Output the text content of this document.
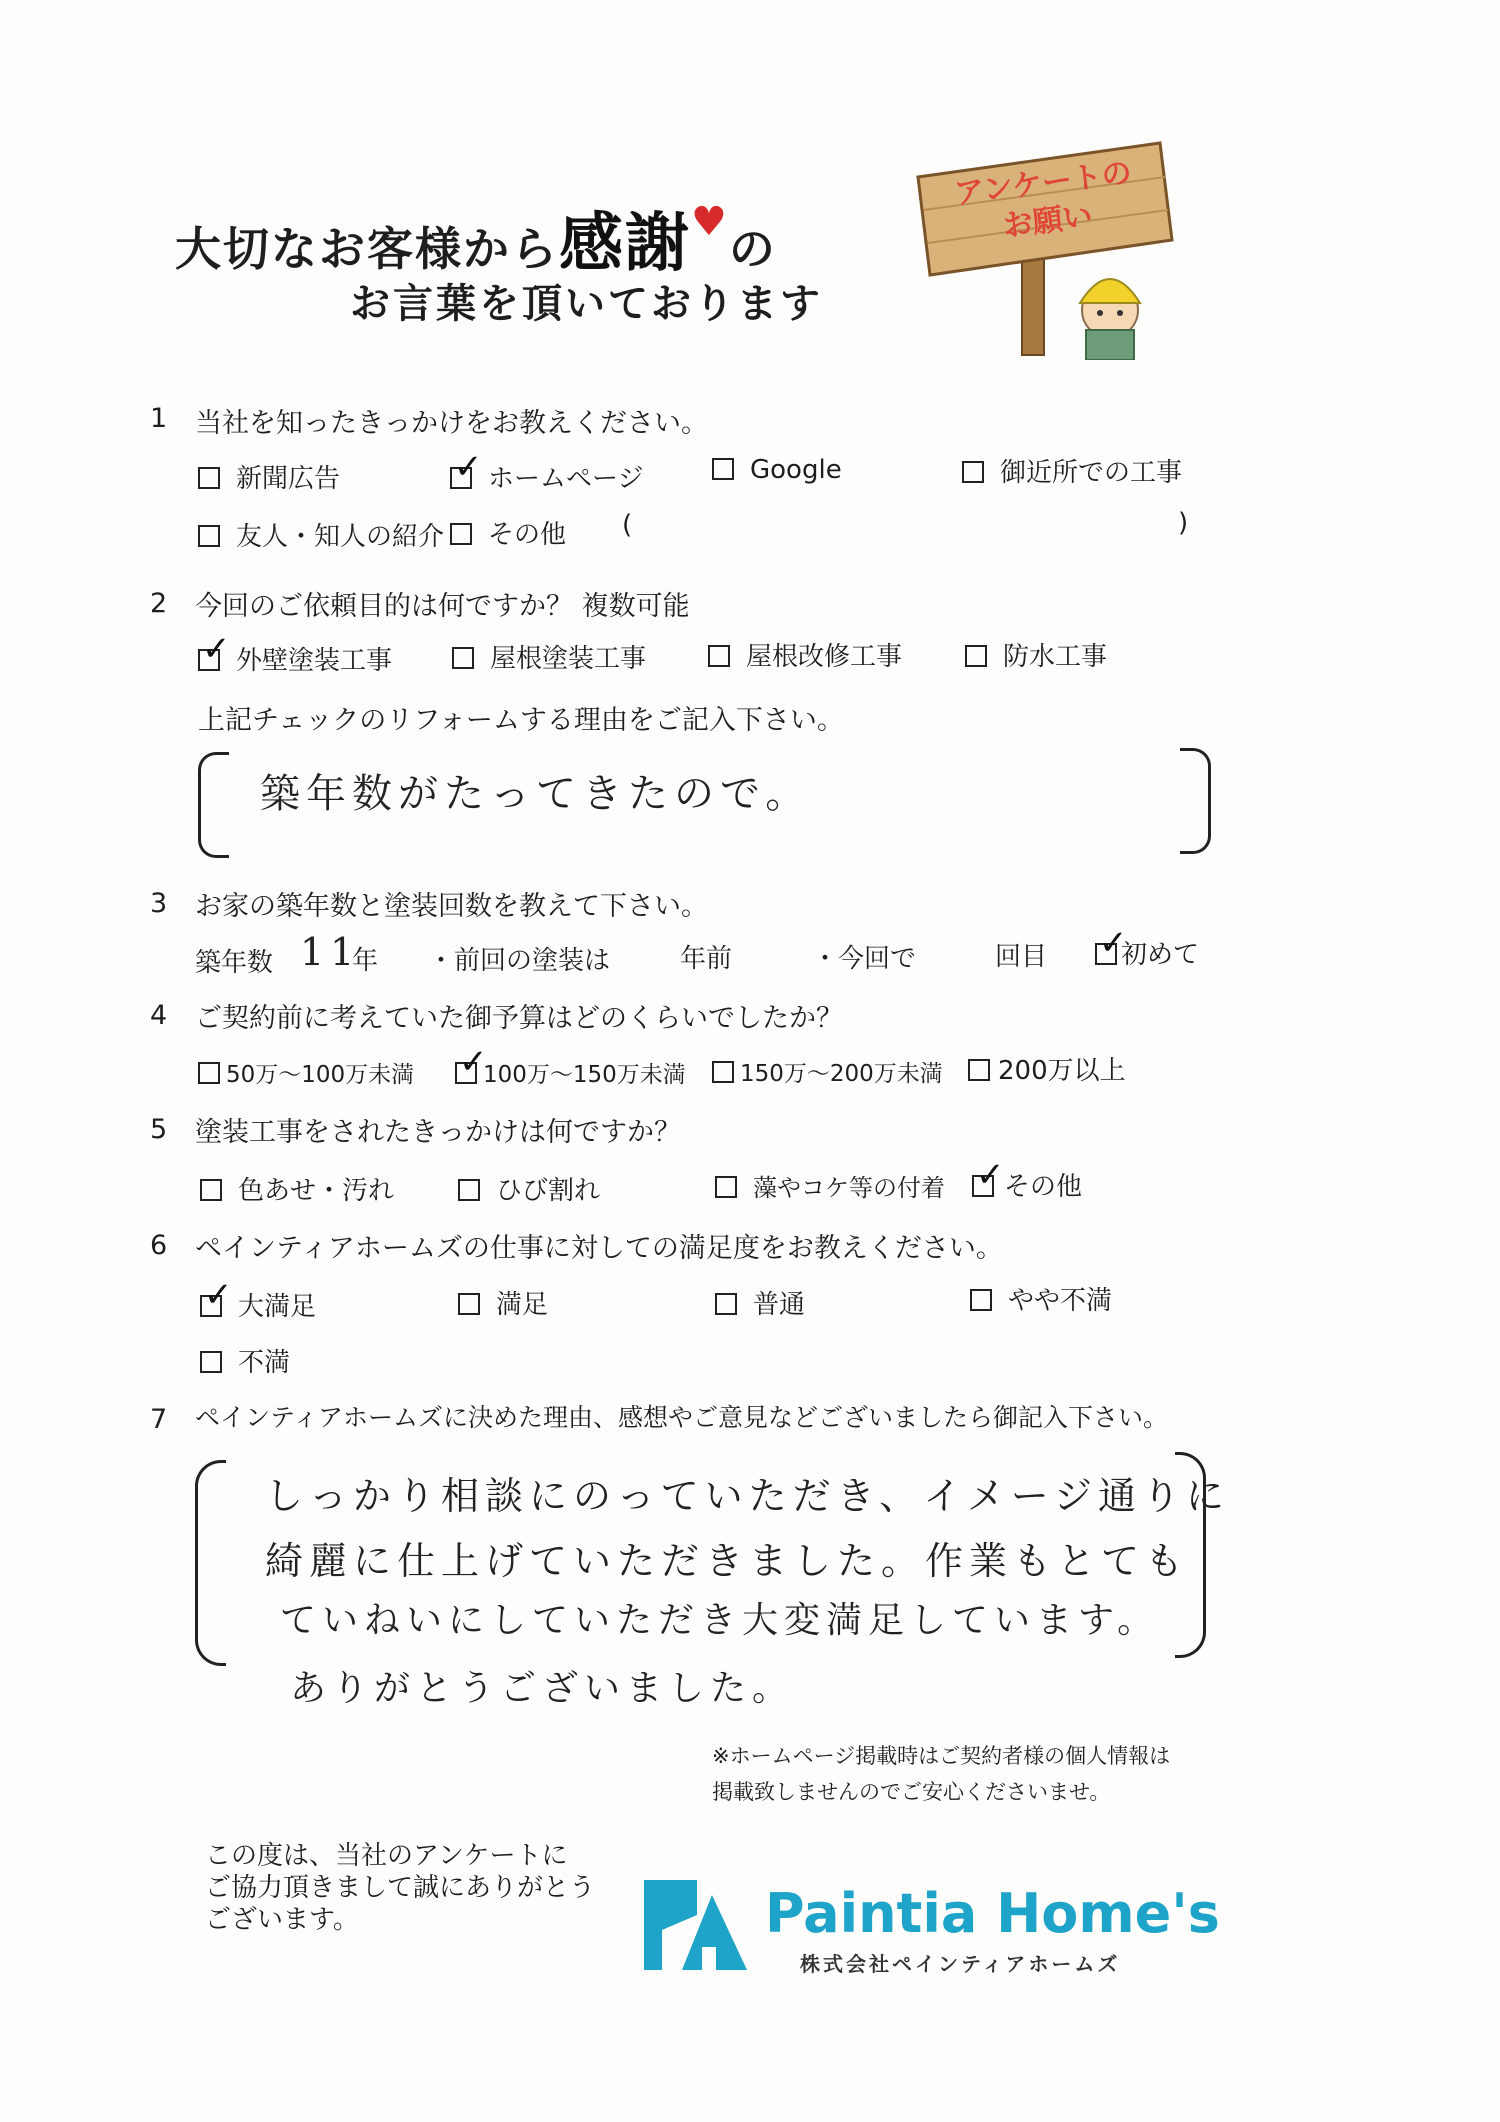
大切なお客様から感謝♥の
お言葉を頂いております
アンケートの
お願い
1 当社を知ったきっかけをお教えください。
新聞広告 ✓	ホームページ	Google	御近所での工事
友人・知人の紹介	その他 (	)
2 今回のご依頼目的は何ですか？ 複数可能
✓外壁塗装工事	屋根塗装工事	屋根改修工事	防水工事
上記チェックのリフォームする理由をご記入下さい。
築年数がたってきたので。
3 お家の築年数と塗装回数を教えて下さい。
築年数 11
年 ・前回の塗装は	年前	・今回で	回目 ✓	初めて
4 ご契約前に考えていた御予算はどのくらいでしたか？
50万〜100万未満 ✓	100万〜150万未満	150万〜200万未満	200万以上
5 塗装工事をされたきっかけは何ですか？
色あせ・汚れ	ひび割れ	藻やコケ等の付着 ✓	その他
6 ペインティアホームズの仕事に対しての満足度をお教えください。
✓大満足	満足	普通	やや不満
不満
7 ペインティアホームズに決めた理由、感想やご意見などございましたら御記入下さい。
しっかり相談にのっていただき、イメージ通りに
綺麗に仕上げていただきました。作業もとても
ていねいにしていただき大変満足しています。
ありがとうございました。
※ホームページ掲載時はご契約者様の個人情報は
掲載致しませんのでご安心くださいませ。
この度は、当社のアンケートに
ご協力頂きまして誠にありがとう
ございます。	Paintia Home's
株式会社ペインティアホームズ
